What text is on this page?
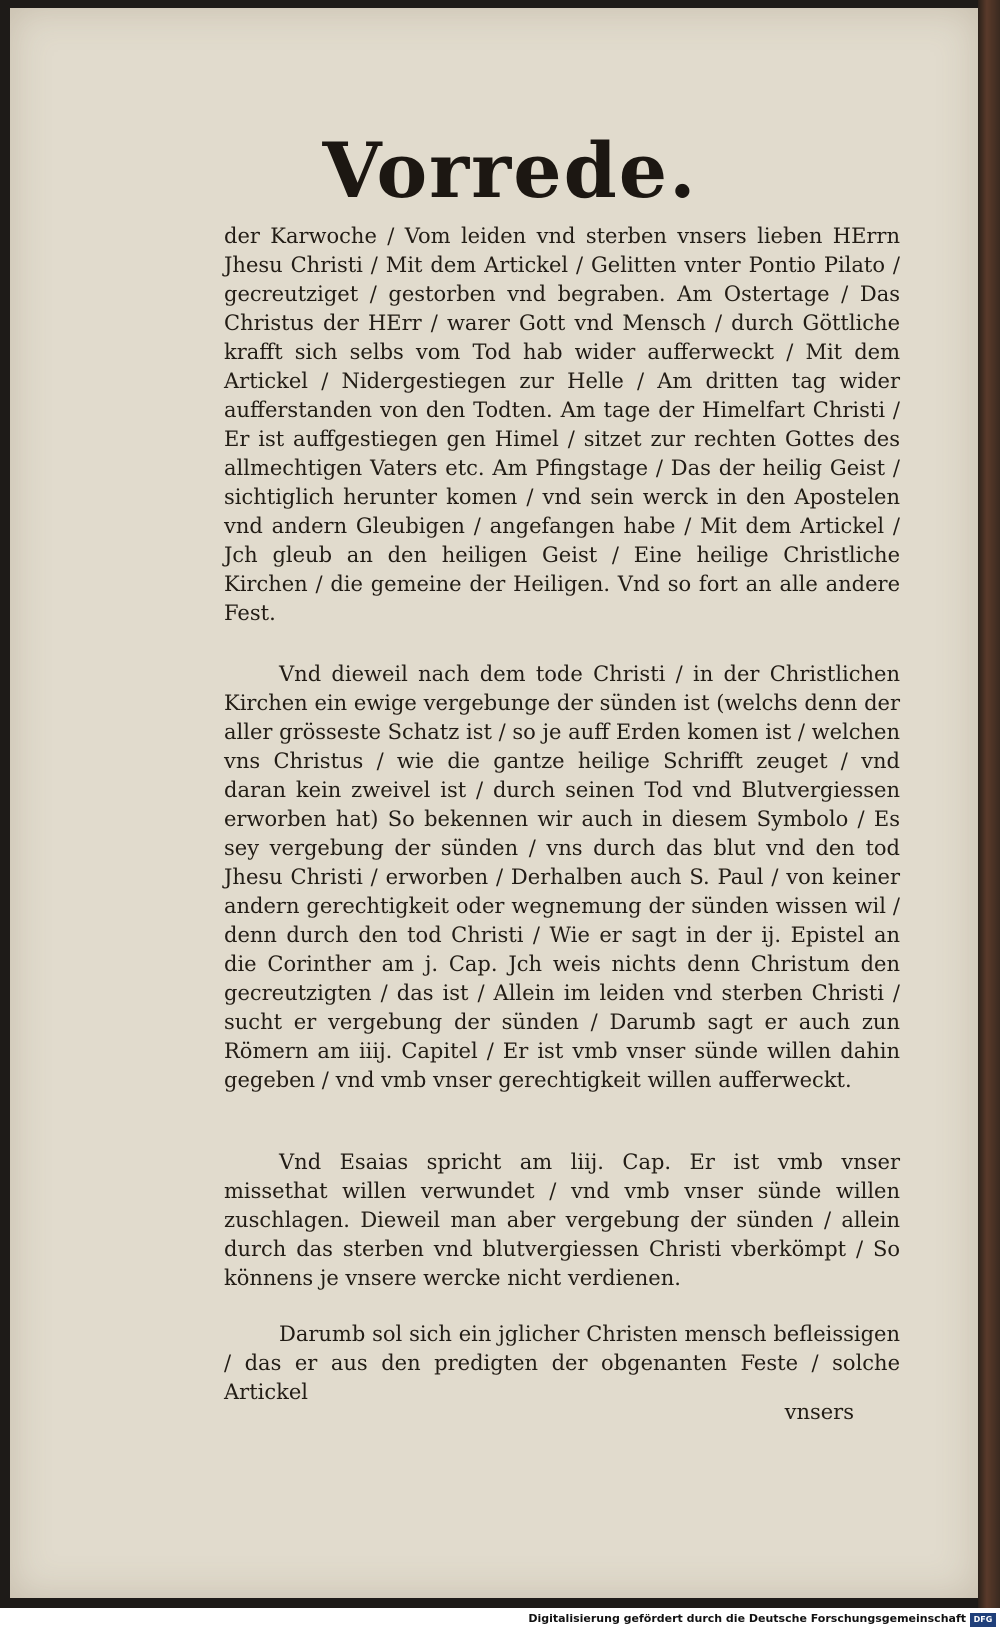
Vorrede.

der Karwoche / Vom leiden vnd sterben vnsers lieben HErrn Jhesu Christi / Mit dem Artickel / Gelitten vnter Pontio Pilato / gecreutziget / gestorben vnd begraben. Am Ostertage / Das Christus der HErr / warer Gott vnd Mensch / durch Göttliche krafft sich selbs vom Tod hab wider aufferweckt / Mit dem Artickel / Nidergestiegen zur Helle / Am dritten tag wider aufferstanden von den Todten. Am tage der Himelfart Christi / Er ist auffgestiegen gen Himel / sitzet zur rechten Gottes des allmechtigen Vaters etc. Am Pfingstage / Das der heilig Geist / sichtiglich herunter komen / vnd sein werck in den Apostelen vnd andern Gleubigen / angefangen habe / Mit dem Artickel / Jch gleub an den heiligen Geist / Eine heilige Christliche Kirchen / die gemeine der Heiligen. Vnd so fort an alle andere Fest.

Vnd dieweil nach dem tode Christi / in der Christlichen Kirchen ein ewige vergebunge der sünden ist (welchs denn der aller grösseste Schatz ist / so je auff Erden komen ist / welchen vns Christus / wie die gantze heilige Schrifft zeuget / vnd daran kein zweivel ist / durch seinen Tod vnd Blutvergiessen erworben hat) So bekennen wir auch in diesem Symbolo / Es sey vergebung der sünden / vns durch das blut vnd den tod Jhesu Christi / erworben / Derhalben auch S. Paul / von keiner andern gerechtigkeit oder wegnemung der sünden wissen wil / denn durch den tod Christi / Wie er sagt in der ij. Epistel an die Corinther am j. Cap. Jch weis nichts denn Christum den gecreutzigten / das ist / Allein im leiden vnd sterben Christi / sucht er vergebung der sünden / Darumb sagt er auch zun Römern am iiij. Capitel / Er ist vmb vnser sünde willen dahin gegeben / vnd vmb vnser gerechtigkeit willen aufferweckt.

Vnd Esaias spricht am liij. Cap. Er ist vmb vnser missethat willen verwundet / vnd vmb vnser sünde willen zuschlagen. Dieweil man aber vergebung der sünden / allein durch das sterben vnd blutvergiessen Christi vberkömpt / So könnens je vnsere wercke nicht verdienen.

Darumb sol sich ein jglicher Christen mensch befleissigen / das er aus den predigten der obgenanten Feste / solche Artickel

vnsers
Digitalisierung gefördert durch die Deutsche Forschungsgemeinschaft DFG
